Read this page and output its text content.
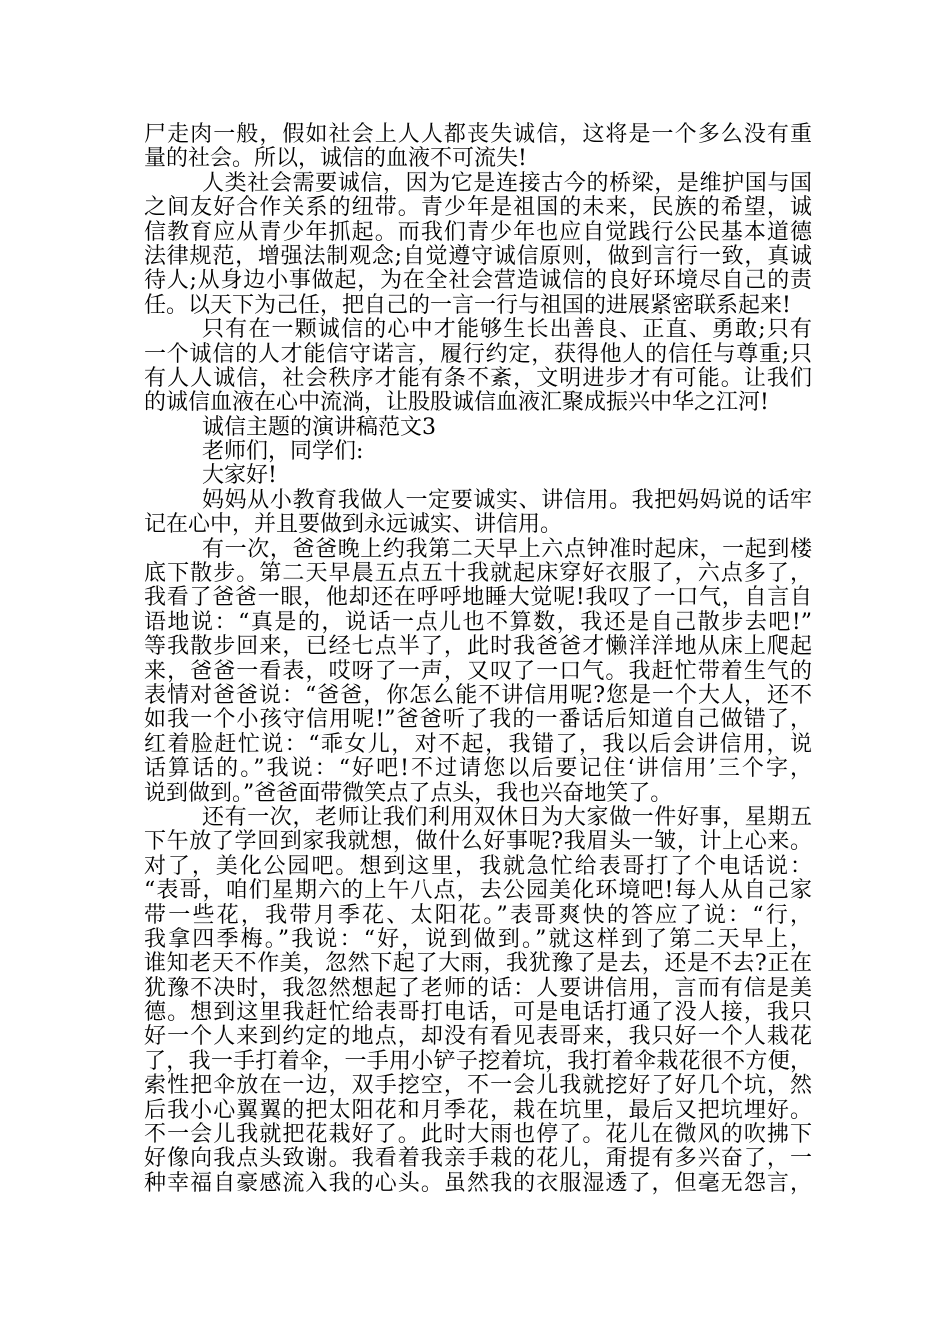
尸走肉一般，假如社会上人人都丧失诚信，这将是一个多么没有重
量的社会。所以，诚信的血液不可流失!
人类社会需要诚信，因为它是连接古今的桥梁，是维护国与国
之间友好合作关系的纽带。青少年是祖国的未来，民族的希望，诚
信教育应从青少年抓起。而我们青少年也应自觉践行公民基本道德
法律规范，增强法制观念;自觉遵守诚信原则，做到言行一致，真诚
待人;从身边小事做起，为在全社会营造诚信的良好环境尽自己的责
任。以天下为己任，把自己的一言一行与祖国的进展紧密联系起来!
只有在一颗诚信的心中才能够生长出善良、正直、勇敢;只有
一个诚信的人才能信守诺言，履行约定，获得他人的信任与尊重;只
有人人诚信，社会秩序才能有条不紊，文明进步才有可能。让我们
的诚信血液在心中流淌，让股股诚信血液汇聚成振兴中华之江河!
诚信主题的演讲稿范文3
老师们，同学们:
大家好!
妈妈从小教育我做人一定要诚实、讲信用。我把妈妈说的话牢
记在心中，并且要做到永远诚实、讲信用。
有一次，爸爸晚上约我第二天早上六点钟准时起床，一起到楼
底下散步。第二天早晨五点五十我就起床穿好衣服了，六点多了，
我看了爸爸一眼，他却还在呼呼地睡大觉呢!我叹了一口气，自言自
语地说：“真是的，说话一点儿也不算数，我还是自己散步去吧!”
等我散步回来，已经七点半了，此时我爸爸才懒洋洋地从床上爬起
来，爸爸一看表，哎呀了一声，又叹了一口气。我赶忙带着生气的
表情对爸爸说：“爸爸，你怎么能不讲信用呢?您是一个大人，还不
如我一个小孩守信用呢!”爸爸听了我的一番话后知道自己做错了，
红着脸赶忙说：“乖女儿，对不起，我错了，我以后会讲信用，说
话算话的。”我说：“好吧!不过请您以后要记住‘讲信用’三个字，
说到做到。”爸爸面带微笑点了点头，我也兴奋地笑了。
还有一次，老师让我们利用双休日为大家做一件好事，星期五
下午放了学回到家我就想，做什么好事呢?我眉头一皱，计上心来。
对了，美化公园吧。想到这里，我就急忙给表哥打了个电话说：
“表哥，咱们星期六的上午八点，去公园美化环境吧!每人从自己家
带一些花，我带月季花、太阳花。”表哥爽快的答应了说：“行，
我拿四季梅。”我说：“好，说到做到。”就这样到了第二天早上，
谁知老天不作美，忽然下起了大雨，我犹豫了是去，还是不去?正在
犹豫不决时，我忽然想起了老师的话：人要讲信用，言而有信是美
德。想到这里我赶忙给表哥打电话，可是电话打通了没人接，我只
好一个人来到约定的地点，却没有看见表哥来，我只好一个人栽花
了，我一手打着伞，一手用小铲子挖着坑，我打着伞栽花很不方便，
索性把伞放在一边，双手挖空，不一会儿我就挖好了好几个坑，然
后我小心翼翼的把太阳花和月季花，栽在坑里，最后又把坑埋好。
不一会儿我就把花栽好了。此时大雨也停了。花儿在微风的吹拂下
好像向我点头致谢。我看着我亲手栽的花儿，甭提有多兴奋了，一
种幸福自豪感流入我的心头。虽然我的衣服湿透了，但毫无怨言，
